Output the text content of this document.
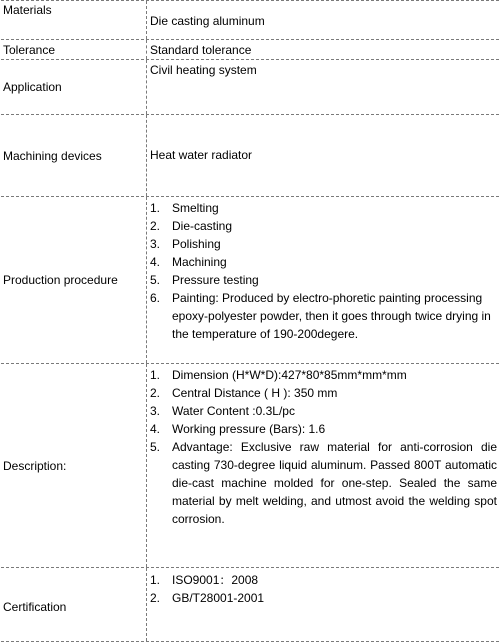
Materials
Die casting aluminum
Tolerance	Standard tolerance
Application
Civil heating system
Machining devices	Heat water radiator
Production procedure
1. Smelting
2. Die-casting
3. Polishing
4. Machining
5. Pressure testing
6. Painting: Produced by electro-phoretic painting processing epoxy-polyester powder, then it goes through twice drying in the temperature of 190-200degere.
Description:
1. Dimension (H*W*D):427*80*85mm*mm*mm
2. Central Distance ( H ): 350 mm
3. Water Content :0.3L/pc
4. Working pressure (Bars): 1.6
5. Advantage: Exclusive raw material for anti-corrosion die casting 730-degree liquid aluminum. Passed 800T automatic die-cast machine molded for one-step. Sealed the same material by melt welding, and utmost avoid the welding spot corrosion.
Certification
1. ISO9001：2008
2. GB/T28001-2001
